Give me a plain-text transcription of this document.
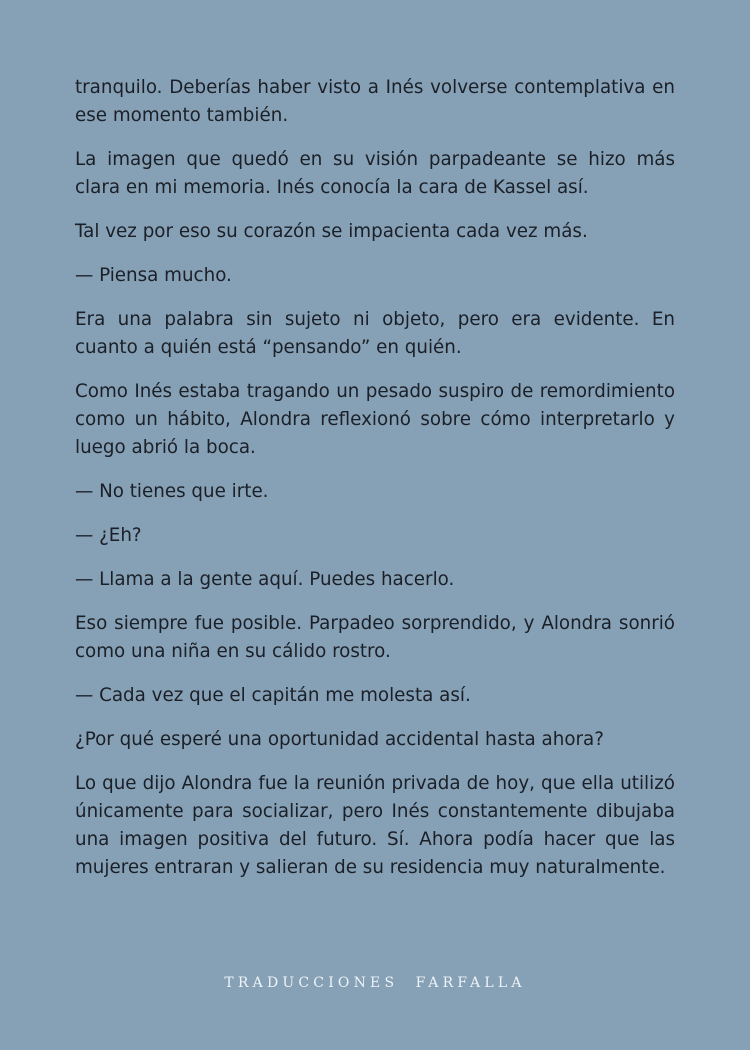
tranquilo. Deberías haber visto a Inés volverse contemplativa en ese momento también.

La imagen que quedó en su visión parpadeante se hizo más clara en mi memoria. Inés conocía la cara de Kassel así.

Tal vez por eso su corazón se impacienta cada vez más.

— Piensa mucho.

Era una palabra sin sujeto ni objeto, pero era evidente. En cuanto a quién está “pensando” en quién.

Como Inés estaba tragando un pesado suspiro de remordimiento como un hábito, Alondra reflexionó sobre cómo interpretarlo y luego abrió la boca.

— No tienes que irte.

— ¿Eh?

— Llama a la gente aquí. Puedes hacerlo.

Eso siempre fue posible. Parpadeo sorprendido, y Alondra sonrió como una niña en su cálido rostro.

— Cada vez que el capitán me molesta así.

¿Por qué esperé una oportunidad accidental hasta ahora?

Lo que dijo Alondra fue la reunión privada de hoy, que ella utilizó únicamente para socializar, pero Inés constantemente dibujaba una imagen positiva del futuro. Sí. Ahora podía hacer que las mujeres entraran y salieran de su residencia muy naturalmente.

TRADUCCIONES  FARFALLA
